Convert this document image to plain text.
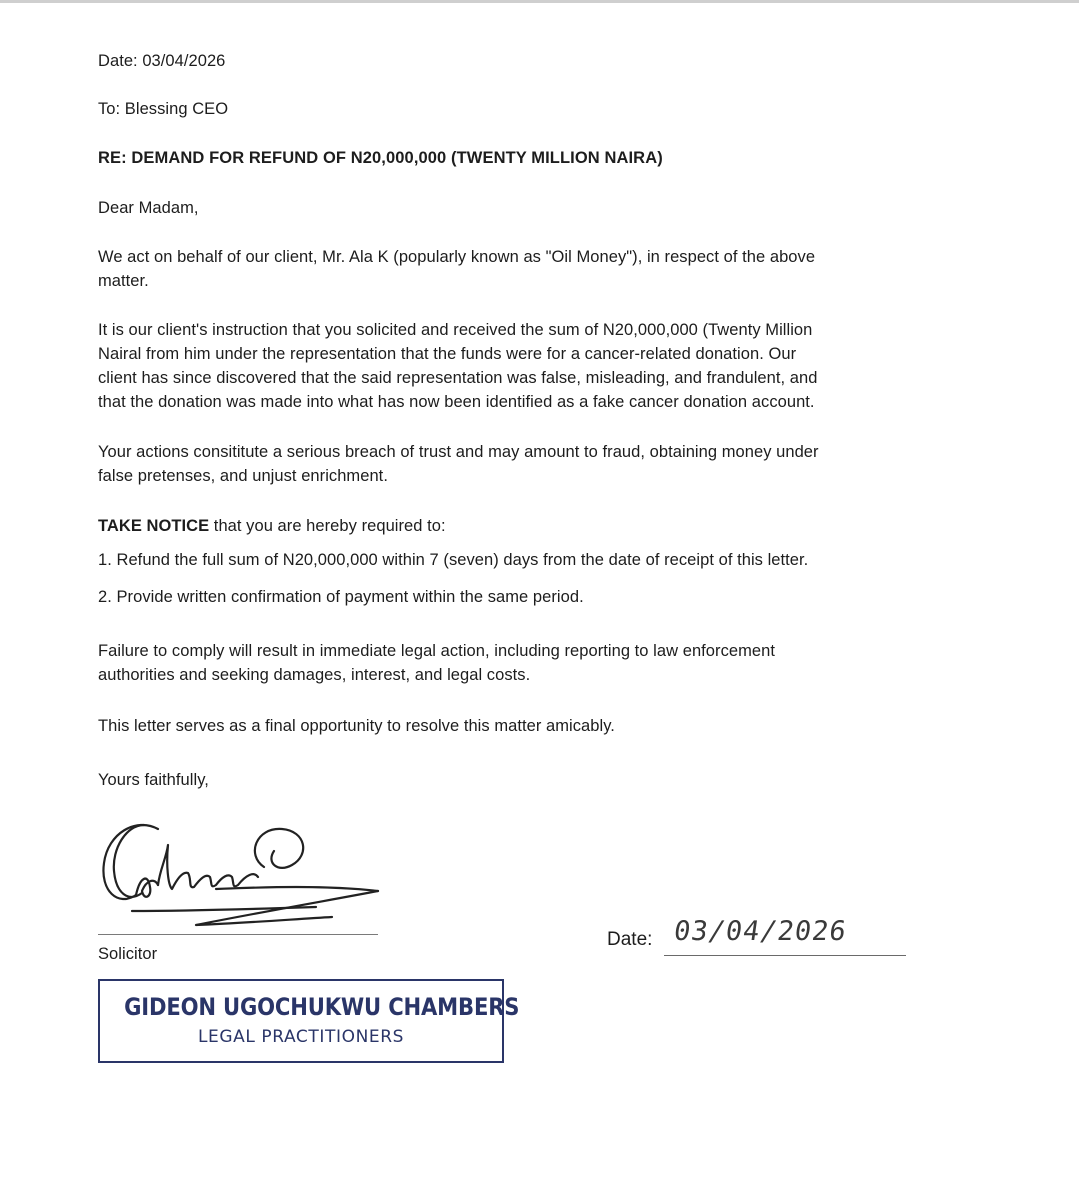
Date: 03/04/2026
To: Blessing CEO
RE: DEMAND FOR REFUND OF N20,000,000 (TWENTY MILLION NAIRA)
Dear Madam,
We act on behalf of our client, Mr. Ala K (popularly known as "Oil Money"), in respect of the above
matter.
It is our client's instruction that you solicited and received the sum of N20,000,000 (Twenty Million
Nairal from him under the representation that the funds were for a cancer-related donation. Our
client has since discovered that the said representation was false, misleading, and frandulent, and
that the donation was made into what has now been identified as a fake cancer donation account.
Your actions consititute a serious breach of trust and may amount to fraud, obtaining money under
false pretenses, and unjust enrichment.
TAKE NOTICE that you are hereby required to:
1. Refund the full sum of N20,000,000 within 7 (seven) days from the date of receipt of this letter.
2. Provide written confirmation of payment within the same period.
Failure to comply will result in immediate legal action, including reporting to law enforcement
authorities and seeking damages, interest, and legal costs.
This letter serves as a final opportunity to resolve this matter amicably.
Yours faithfully,
Solicitor
Date: 03/04/2026
GIDEON UGOCHUKWU CHAMBERS
LEGAL PRACTITIONERS
